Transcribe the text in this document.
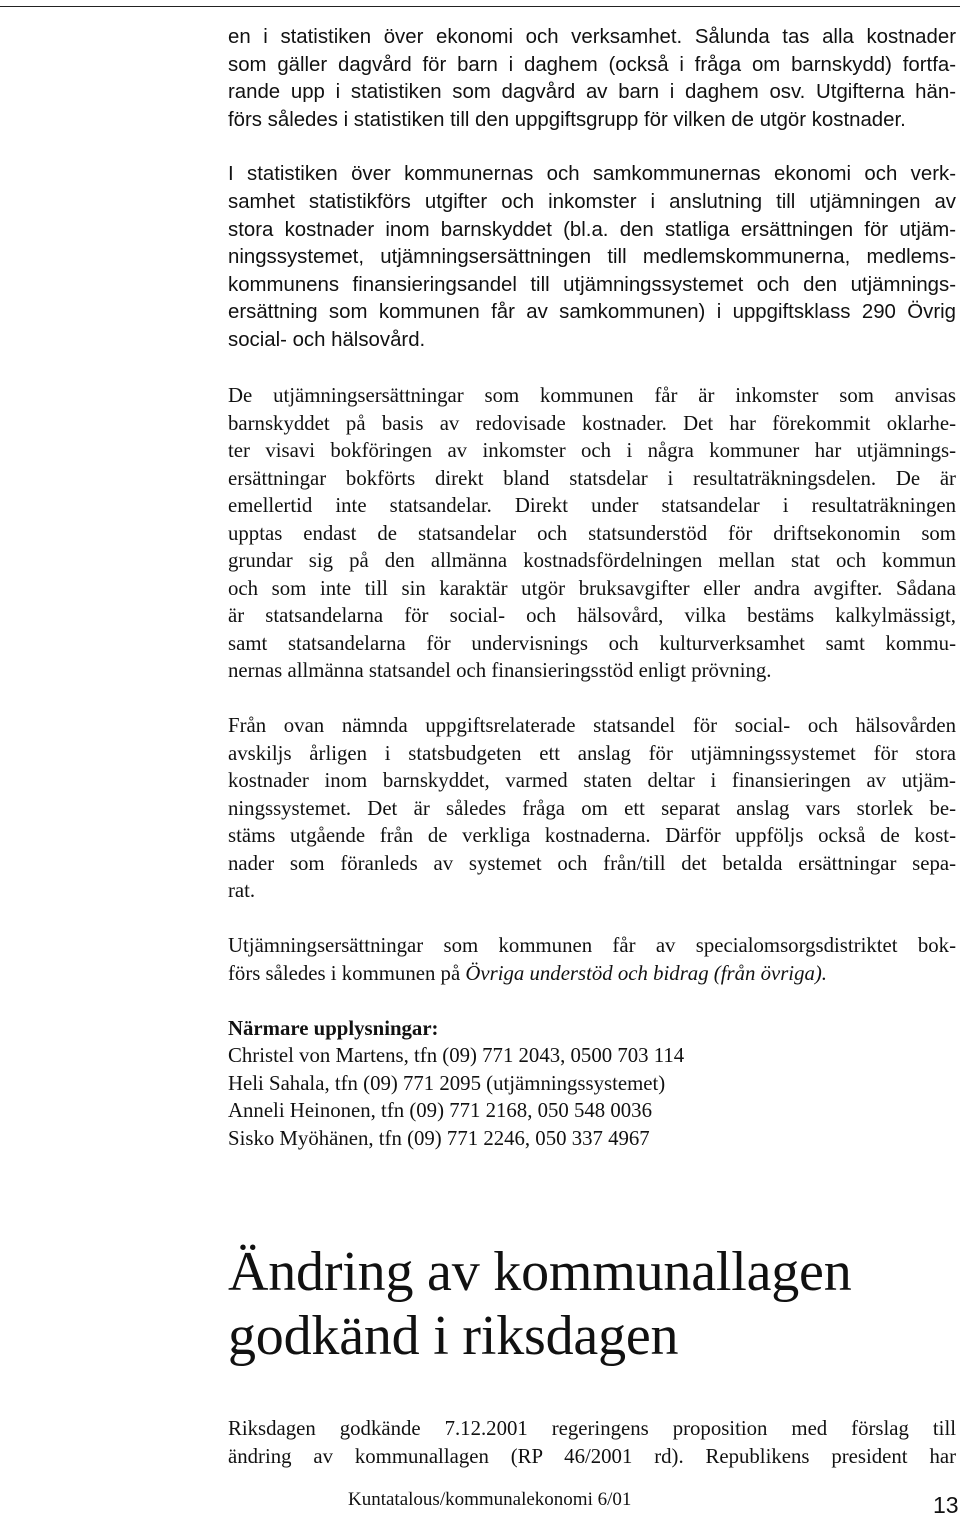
en i statistiken över ekonomi och verksamhet. Sålunda tas alla kostnader
som gäller dagvård för barn i daghem (också i fråga om barnskydd) fortfa-
rande upp i statistiken som dagvård av barn i daghem osv. Utgifterna hän-
förs således i statistiken till den uppgiftsgrupp för vilken de utgör kostnader.
I statistiken över kommunernas och samkommunernas ekonomi och verk-
samhet statistikförs utgifter och inkomster i anslutning till utjämningen av
stora kostnader inom barnskyddet (bl.a. den statliga ersättningen för utjäm-
ningssystemet, utjämningsersättningen till medlemskommunerna, medlems-
kommunens finansieringsandel till utjämningssystemet och den utjämnings-
ersättning som kommunen får av samkommunen) i uppgiftsklass 290 Övrig
social- och hälsovård.
De utjämningsersättningar som kommunen får är inkomster som anvisas
barnskyddet på basis av redovisade kostnader. Det har förekommit oklarhe-
ter visavi bokföringen av inkomster och i några kommuner har utjämnings-
ersättningar bokförts direkt bland statsdelar i resultaträkningsdelen. De är
emellertid inte statsandelar. Direkt under statsandelar i resultaträkningen
upptas endast de statsandelar och statsunderstöd för driftsekonomin som
grundar sig på den allmänna kostnadsfördelningen mellan stat och kommun
och som inte till sin karaktär utgör bruksavgifter eller andra avgifter. Sådana
är statsandelarna för social- och hälsovård, vilka bestäms kalkylmässigt,
samt statsandelarna för undervisnings och kulturverksamhet samt kommu-
nernas allmänna statsandel och finansieringsstöd enligt prövning.
Från ovan nämnda uppgiftsrelaterade statsandel för social- och hälsovården
avskiljs årligen i statsbudgeten ett anslag för utjämningssystemet för stora
kostnader inom barnskyddet, varmed staten deltar i finansieringen av utjäm-
ningssystemet. Det är således fråga om ett separat anslag vars storlek be-
stäms utgående från de verkliga kostnaderna. Därför uppföljs också de kost-
nader som föranleds av systemet och från/till det betalda ersättningar sepa-
rat.
Utjämningsersättningar som kommunen får av specialomsorgsdistriktet bok-
förs således i kommunen på Övriga understöd och bidrag (från övriga).
Närmare upplysningar:
Christel von Martens, tfn (09) 771 2043, 0500 703 114
Heli Sahala, tfn (09) 771 2095 (utjämningssystemet)
Anneli Heinonen, tfn (09) 771 2168, 050 548 0036
Sisko Myöhänen, tfn (09) 771 2246, 050 337 4967
Ändring av kommunallagen
godkänd i riksdagen
Riksdagen godkände 7.12.2001 regeringens proposition med förslag till
ändring av kommunallagen (RP 46/2001 rd). Republikens president har
Kuntatalous/kommunalekonomi 6/01	13
